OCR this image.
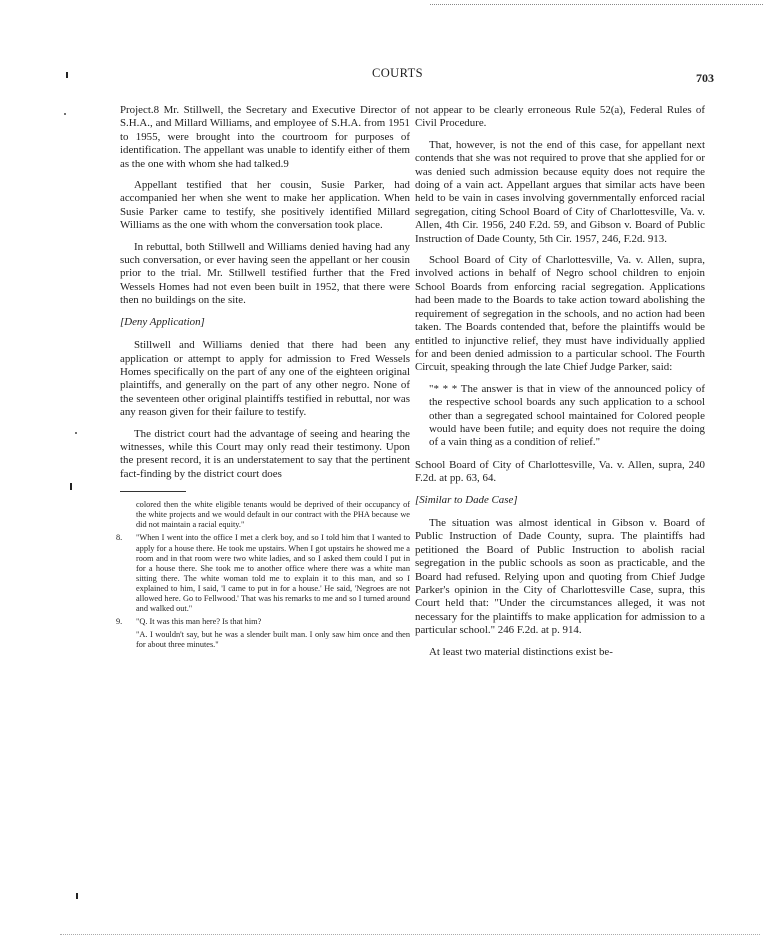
COURTS	703

Project.8 Mr. Stillwell, the Secretary and Executive Director of S.H.A., and Millard Williams, and employee of S.H.A. from 1951 to 1955, were brought into the courtroom for purposes of identification. The appellant was unable to identify either of them as the one with whom she had talked.9

Appellant testified that her cousin, Susie Parker, had accompanied her when she went to make her application. When Susie Parker came to testify, she positively identified Millard Williams as the one with whom the conversation took place.

In rebuttal, both Stillwell and Williams denied having had any such conversation, or ever having seen the appellant or her cousin prior to the trial. Mr. Stillwell testified further that the Fred Wessels Homes had not even been built in 1952, that there were then no buildings on the site.

[Deny Application]

Stillwell and Williams denied that there had been any application or attempt to apply for admission to Fred Wessels Homes specifically on the part of any one of the eighteen original plaintiffs, and generally on the part of any other negro. None of the seventeen other original plaintiffs testified in rebuttal, nor was any reason given for their failure to testify.

The district court had the advantage of seeing and hearing the witnesses, while this Court may only read their testimony. Upon the present record, it is an understatement to say that the pertinent fact-finding by the district court does

colored then the white eligible tenants would be deprived of their occupancy of the white projects and we would default in our contract with the PHA because we did not maintain a racial equity."
8. "When I went into the office I met a clerk boy, and so I told him that I wanted to apply for a house there. He took me upstairs. When I got upstairs he showed me a room and in that room were two white ladies, and so I asked them could I put in for a house there. She took me to another office where there was a white man sitting there. The white woman told me to explain it to this man, and so I explained to him, I said, 'I came to put in for a house.' He said, 'Negroes are not allowed here. Go to Fellwood.' That was his remarks to me and so I turned around and walked out."
9. "Q. It was this man here? Is that him?
"A. I wouldn't say, but he was a slender built man. I only saw him once and then for about three minutes."

not appear to be clearly erroneous Rule 52(a), Federal Rules of Civil Procedure.

That, however, is not the end of this case, for appellant next contends that she was not required to prove that she applied for or was denied such admission because equity does not require the doing of a vain act. Appellant argues that similar acts have been held to be vain in cases involving governmentally enforced racial segregation, citing School Board of City of Charlottesville, Va. v. Allen, 4th Cir. 1956, 240 F.2d. 59, and Gibson v. Board of Public Instruction of Dade County, 5th Cir. 1957, 246, F.2d. 913.

School Board of City of Charlottesville, Va. v. Allen, supra, involved actions in behalf of Negro school children to enjoin School Boards from enforcing racial segregation. Applications had been made to the Boards to take action toward abolishing the requirement of segregation in the schools, and no action had been taken. The Boards contended that, before the plaintiffs would be entitled to injunctive relief, they must have individually applied for and been denied admission to a particular school. The Fourth Circuit, speaking through the late Chief Judge Parker, said:

"* * * The answer is that in view of the announced policy of the respective school boards any such application to a school other than a segregated school maintained for Colored people would have been futile; and equity does not require the doing of a vain thing as a condition of relief."

School Board of City of Charlottesville, Va. v. Allen, supra, 240 F.2d. at pp. 63, 64.

[Similar to Dade Case]

The situation was almost identical in Gibson v. Board of Public Instruction of Dade County, supra. The plaintiffs had petitioned the Board of Public Instruction to abolish racial segregation in the public schools as soon as practicable, and the Board had refused. Relying upon and quoting from Chief Judge Parker's opinion in the City of Charlottesville Case, supra, this Court held that: "Under the circumstances alleged, it was not necessary for the plaintiffs to make application for admission to a particular school." 246 F.2d. at p. 914.

At least two material distinctions exist be-
